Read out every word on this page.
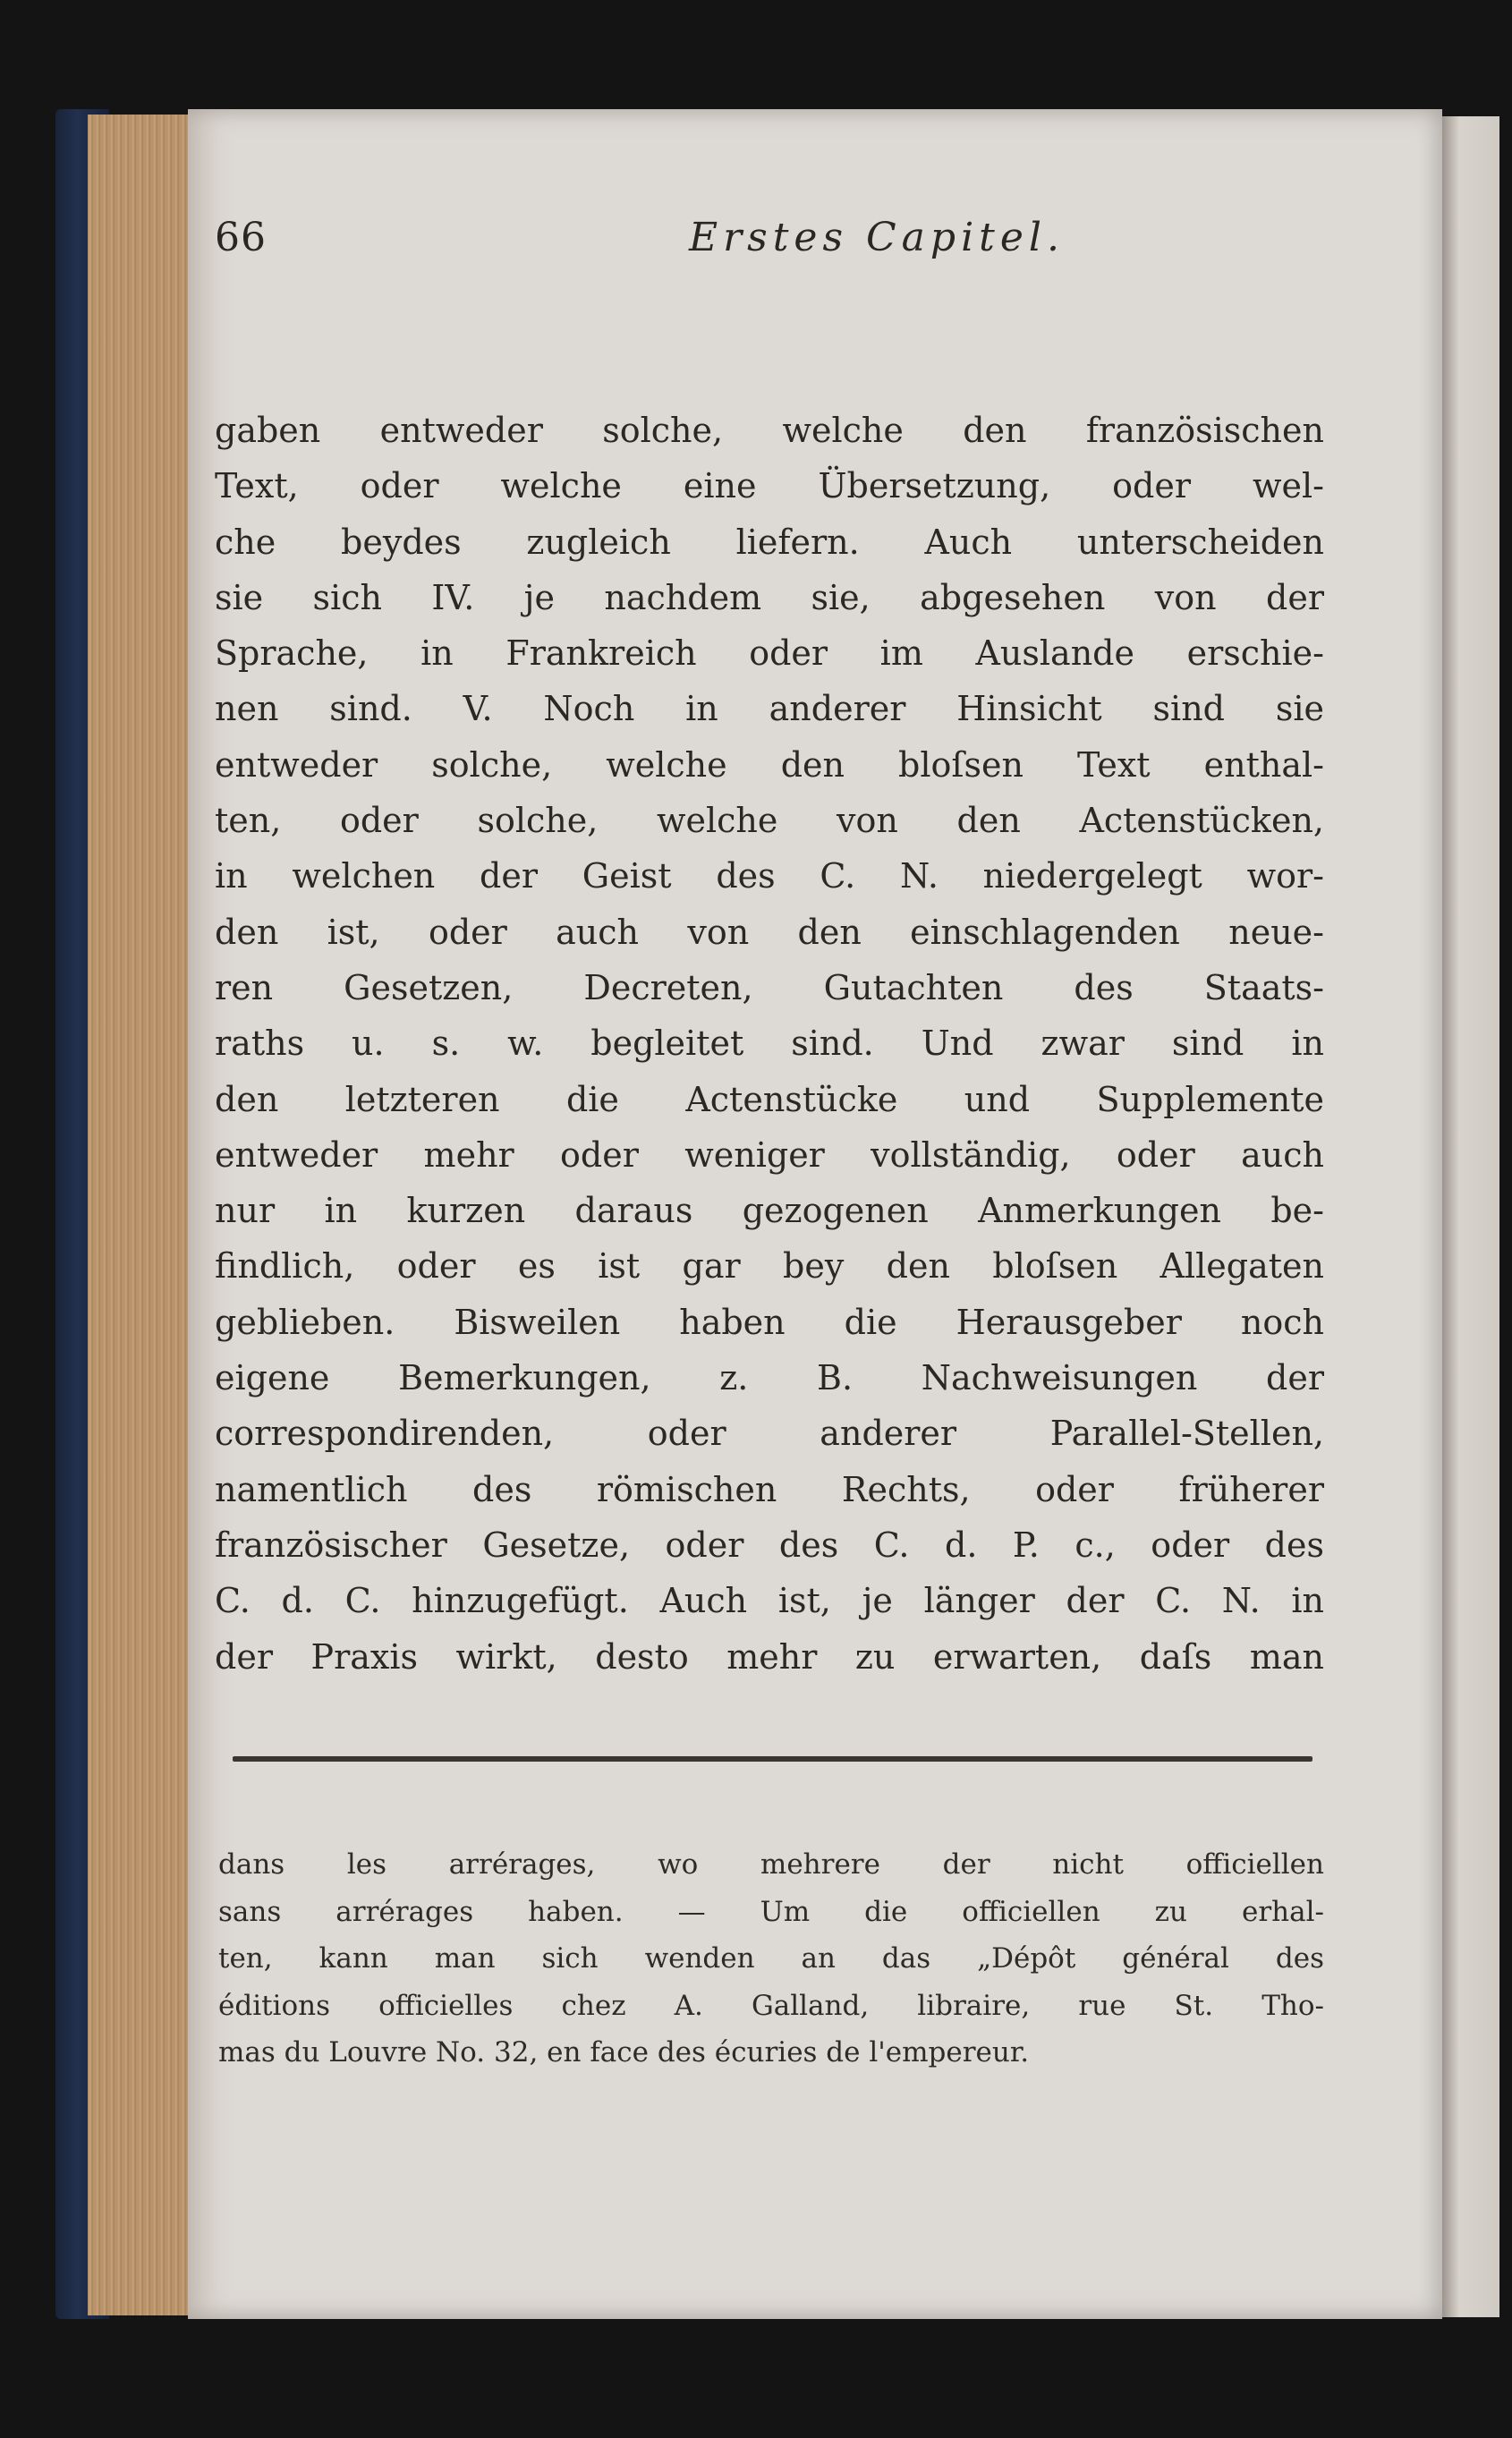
66	Erstes Capitel.
gaben entweder solche, welche den französischen
Text, oder welche eine Übersetzung, oder wel-
che beydes zugleich liefern. Auch unterscheiden
sie sich IV. je nachdem sie, abgesehen von der
Sprache, in Frankreich oder im Auslande erschie-
nen sind. V. Noch in anderer Hinsicht sind sie
entweder solche, welche den bloſsen Text enthal-
ten, oder solche, welche von den Actenstücken,
in welchen der Geist des C. N. niedergelegt wor-
den ist, oder auch von den einschlagenden neue-
ren Gesetzen, Decreten, Gutachten des Staats-
raths u. s. w. begleitet sind. Und zwar sind in
den letzteren die Actenstücke und Supplemente
entweder mehr oder weniger vollständig, oder auch
nur in kurzen daraus gezogenen Anmerkungen be-
findlich, oder es ist gar bey den bloſsen Allegaten
geblieben. Bisweilen haben die Herausgeber noch
eigene Bemerkungen, z. B. Nachweisungen der
correspondirenden, oder anderer Parallel-Stellen,
namentlich des römischen Rechts, oder früherer
französischer Gesetze, oder des C. d. P. c., oder des
C. d. C. hinzugefügt. Auch ist, je länger der C. N. in
der Praxis wirkt, desto mehr zu erwarten, daſs man
dans les arrérages, wo mehrere der nicht officiellen
sans arrérages haben. — Um die officiellen zu erhal-
ten, kann man sich wenden an das „Dépôt général des
éditions officielles chez A. Galland, libraire, rue St. Tho-
mas du Louvre No. 32, en face des écuries de l'empereur.
